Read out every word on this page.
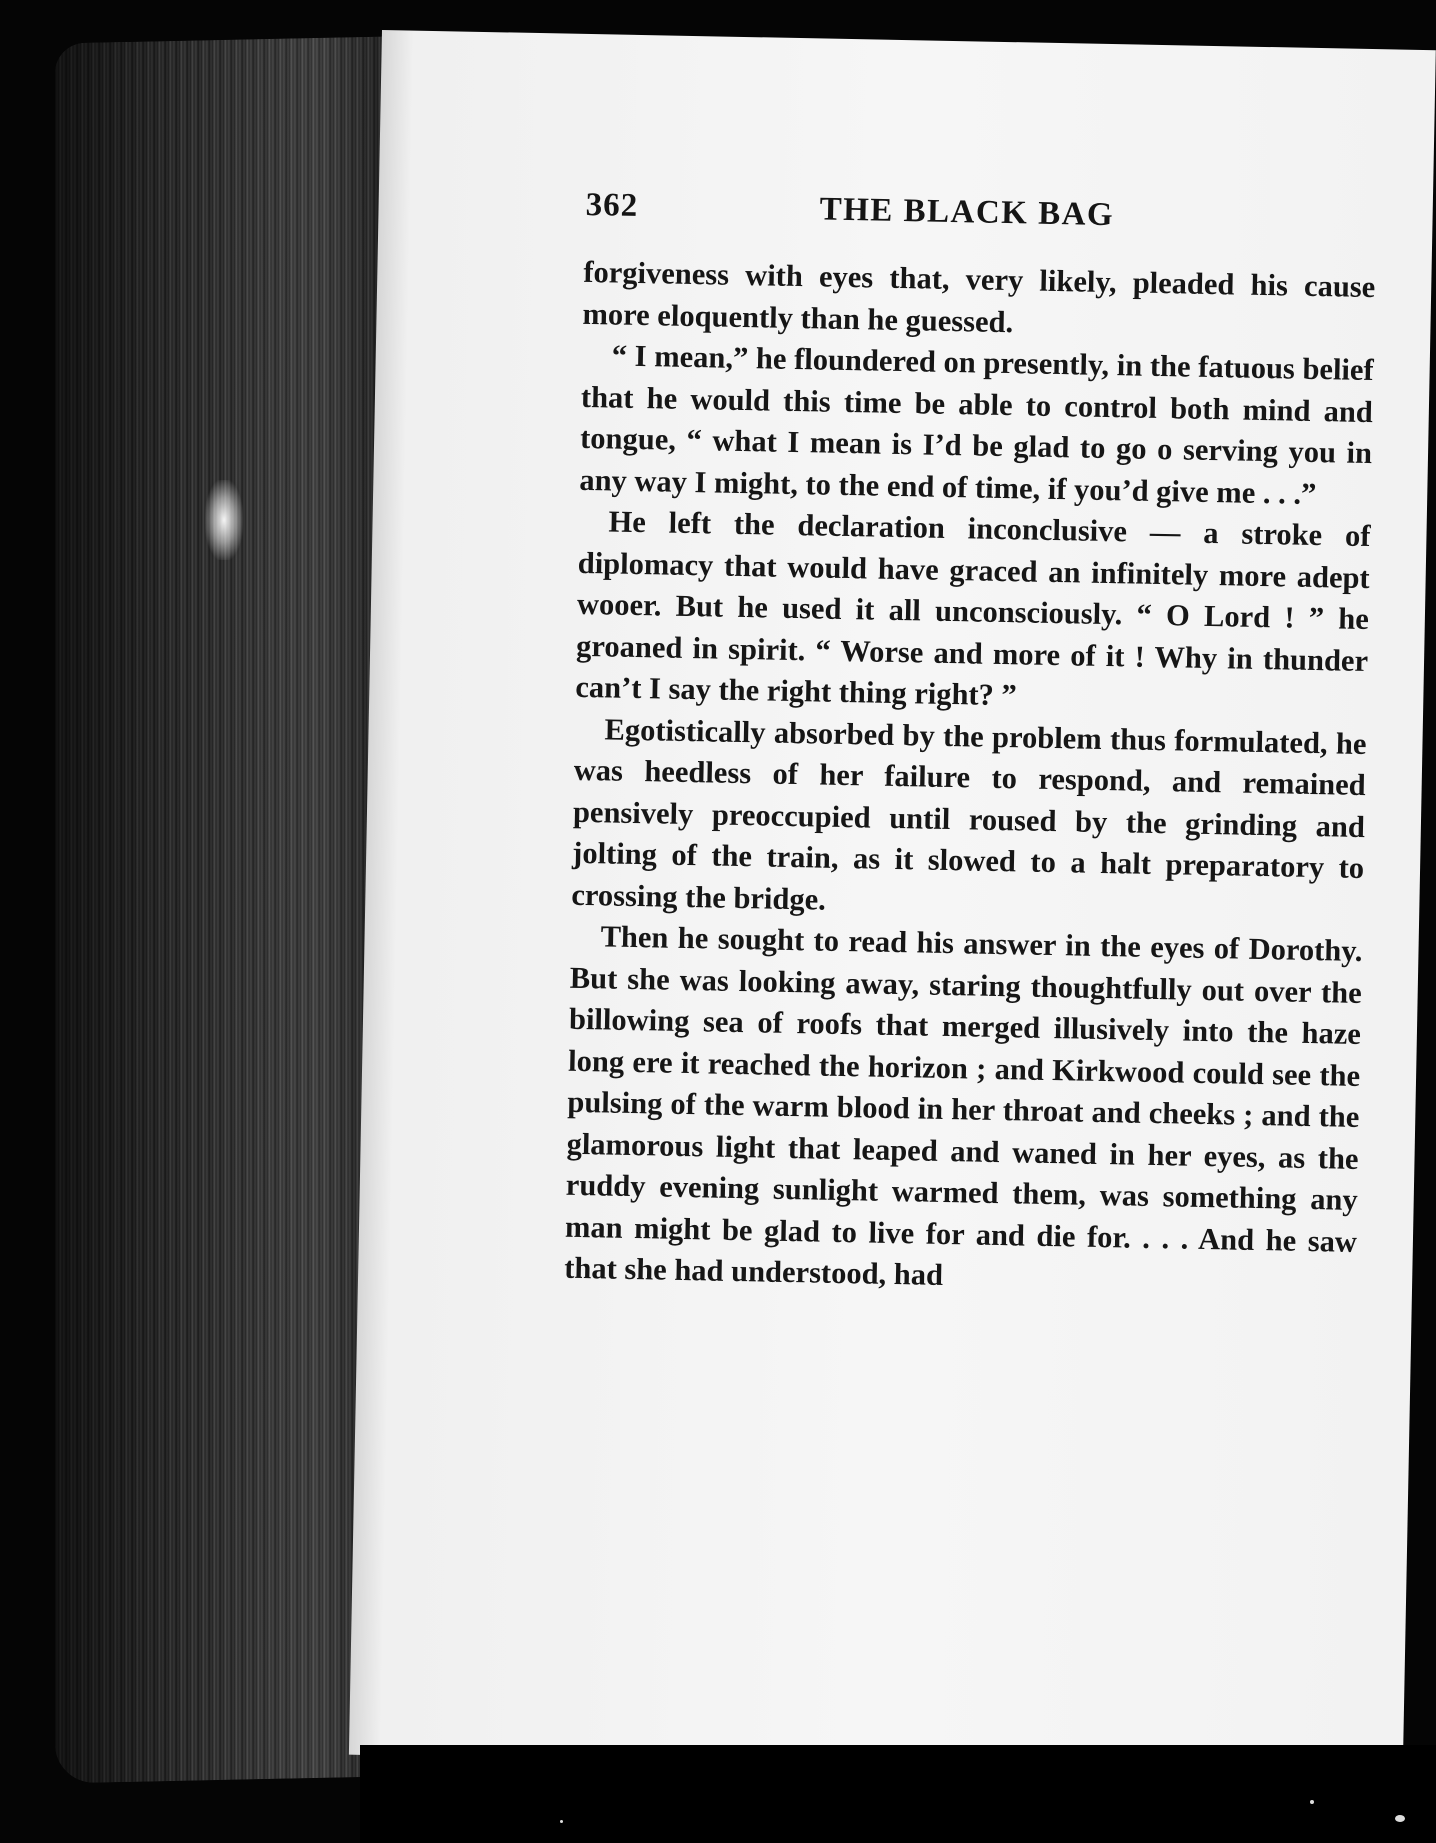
362	THE BLACK BAG

forgiveness with eyes that, very likely, pleaded his cause more eloquently than he guessed.

“ I mean,” he floundered on presently, in the fatuous belief that he would this time be able to control both mind and tongue, “ what I mean is I’d be glad to go o serving you in any way I might, to the end of time, if you’d give me . . .”

He left the declaration inconclusive — a stroke of diplomacy that would have graced an infinitely more adept wooer. But he used it all unconsciously. “ O Lord ! ” he groaned in spirit. “ Worse and more of it ! Why in thunder can’t I say the right thing right? ”

Egotistically absorbed by the problem thus formulated, he was heedless of her failure to respond, and remained pensively preoccupied until roused by the grinding and jolting of the train, as it slowed to a halt preparatory to crossing the bridge.

Then he sought to read his answer in the eyes of Dorothy. But she was looking away, staring thoughtfully out over the billowing sea of roofs that merged illusively into the haze long ere it reached the horizon ; and Kirkwood could see the pulsing of the warm blood in her throat and cheeks ; and the glamorous light that leaped and waned in her eyes, as the ruddy evening sunlight warmed them, was something any man might be glad to live for and die for. . . . And he saw that she had understood, had
